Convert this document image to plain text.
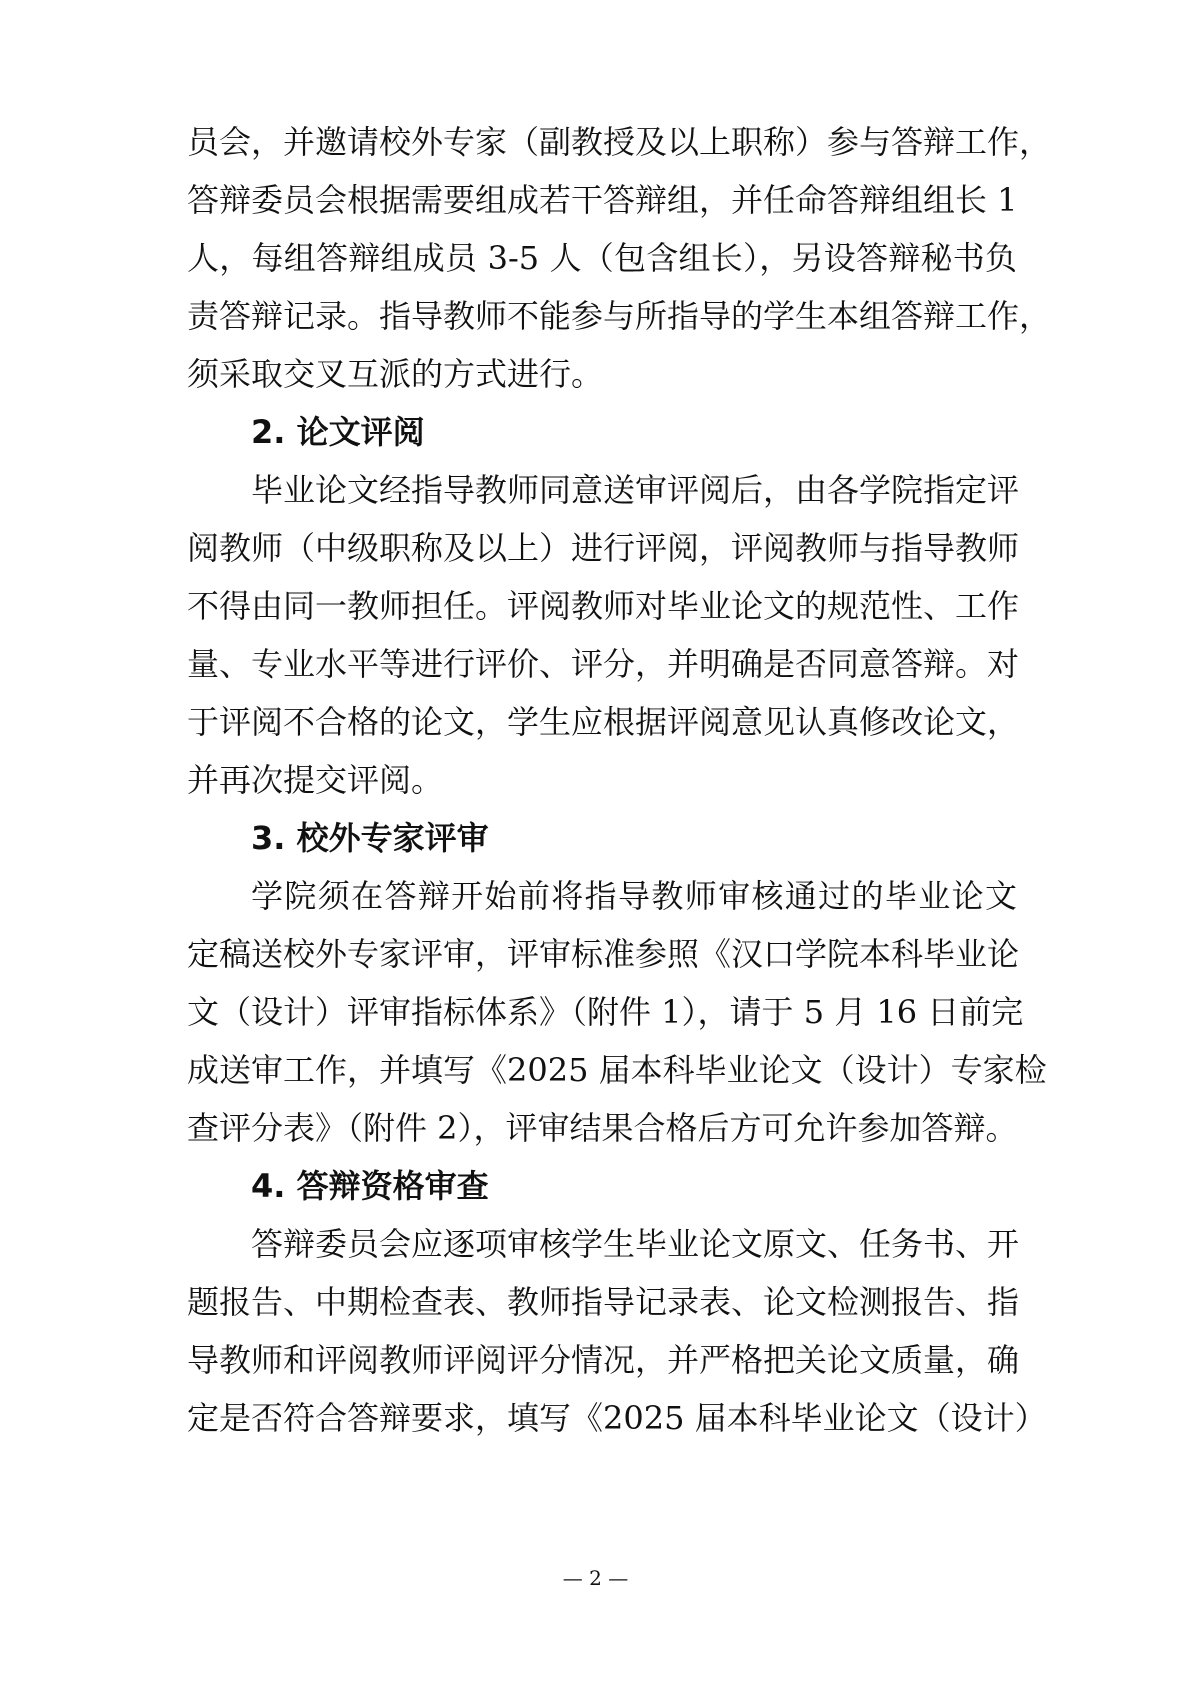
员会，并邀请校外专家（副教授及以上职称）参与答辩工作，
答辩委员会根据需要组成若干答辩组，并任命答辩组组长 1
人，每组答辩组成员 3-5 人（包含组长），另设答辩秘书负
责答辩记录。指导教师不能参与所指导的学生本组答辩工作，
须采取交叉互派的方式进行。
2. 论文评阅
毕业论文经指导教师同意送审评阅后，由各学院指定评
阅教师（中级职称及以上）进行评阅，评阅教师与指导教师
不得由同一教师担任。评阅教师对毕业论文的规范性、工作
量、专业水平等进行评价、评分，并明确是否同意答辩。对
于评阅不合格的论文，学生应根据评阅意见认真修改论文，
并再次提交评阅。
3. 校外专家评审
学院须在答辩开始前将指导教师审核通过的毕业论文
定稿送校外专家评审，评审标准参照《汉口学院本科毕业论
文（设计）评审指标体系》（附件 1），请于 5 月 16 日前完
成送审工作，并填写《2025 届本科毕业论文（设计）专家检
查评分表》（附件 2），评审结果合格后方可允许参加答辩。
4. 答辩资格审查
答辩委员会应逐项审核学生毕业论文原文、任务书、开
题报告、中期检查表、教师指导记录表、论文检测报告、指
导教师和评阅教师评阅评分情况，并严格把关论文质量，确
定是否符合答辩要求，填写《2025 届本科毕业论文（设计）
— 2 —
